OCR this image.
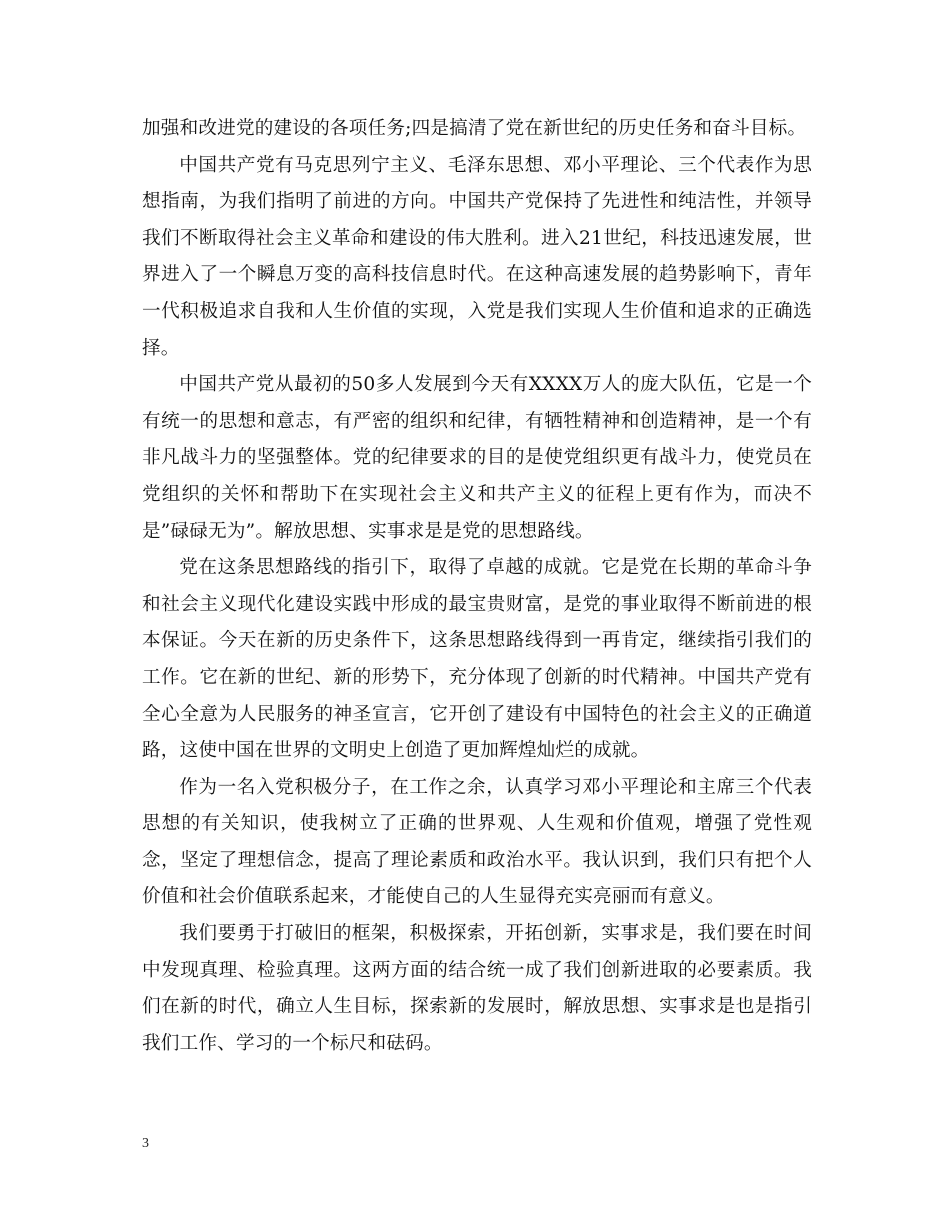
加强和改进党的建设的各项任务;四是搞清了党在新世纪的历史任务和奋斗目标。

中国共产党有马克思列宁主义、毛泽东思想、邓小平理论、三个代表作为思想指南，为我们指明了前进的方向。中国共产党保持了先进性和纯洁性，并领导我们不断取得社会主义革命和建设的伟大胜利。进入21世纪，科技迅速发展，世界进入了一个瞬息万变的高科技信息时代。在这种高速发展的趋势影响下，青年一代积极追求自我和人生价值的实现，入党是我们实现人生价值和追求的正确选择。

中国共产党从最初的50多人发展到今天有XXXX万人的庞大队伍，它是一个有统一的思想和意志，有严密的组织和纪律，有牺牲精神和创造精神，是一个有非凡战斗力的坚强整体。党的纪律要求的目的是使党组织更有战斗力，使党员在党组织的关怀和帮助下在实现社会主义和共产主义的征程上更有作为，而决不是”碌碌无为”。解放思想、实事求是是党的思想路线。

党在这条思想路线的指引下，取得了卓越的成就。它是党在长期的革命斗争和社会主义现代化建设实践中形成的最宝贵财富，是党的事业取得不断前进的根本保证。今天在新的历史条件下，这条思想路线得到一再肯定，继续指引我们的工作。它在新的世纪、新的形势下，充分体现了创新的时代精神。中国共产党有全心全意为人民服务的神圣宣言，它开创了建设有中国特色的社会主义的正确道路，这使中国在世界的文明史上创造了更加辉煌灿烂的成就。

作为一名入党积极分子，在工作之余，认真学习邓小平理论和主席三个代表思想的有关知识，使我树立了正确的世界观、人生观和价值观，增强了党性观念，坚定了理想信念，提高了理论素质和政治水平。我认识到，我们只有把个人价值和社会价值联系起来，才能使自己的人生显得充实亮丽而有意义。

我们要勇于打破旧的框架，积极探索，开拓创新，实事求是，我们要在时间中发现真理、检验真理。这两方面的结合统一成了我们创新进取的必要素质。我们在新的时代，确立人生目标，探索新的发展时，解放思想、实事求是也是指引我们工作、学习的一个标尺和砝码。

3
